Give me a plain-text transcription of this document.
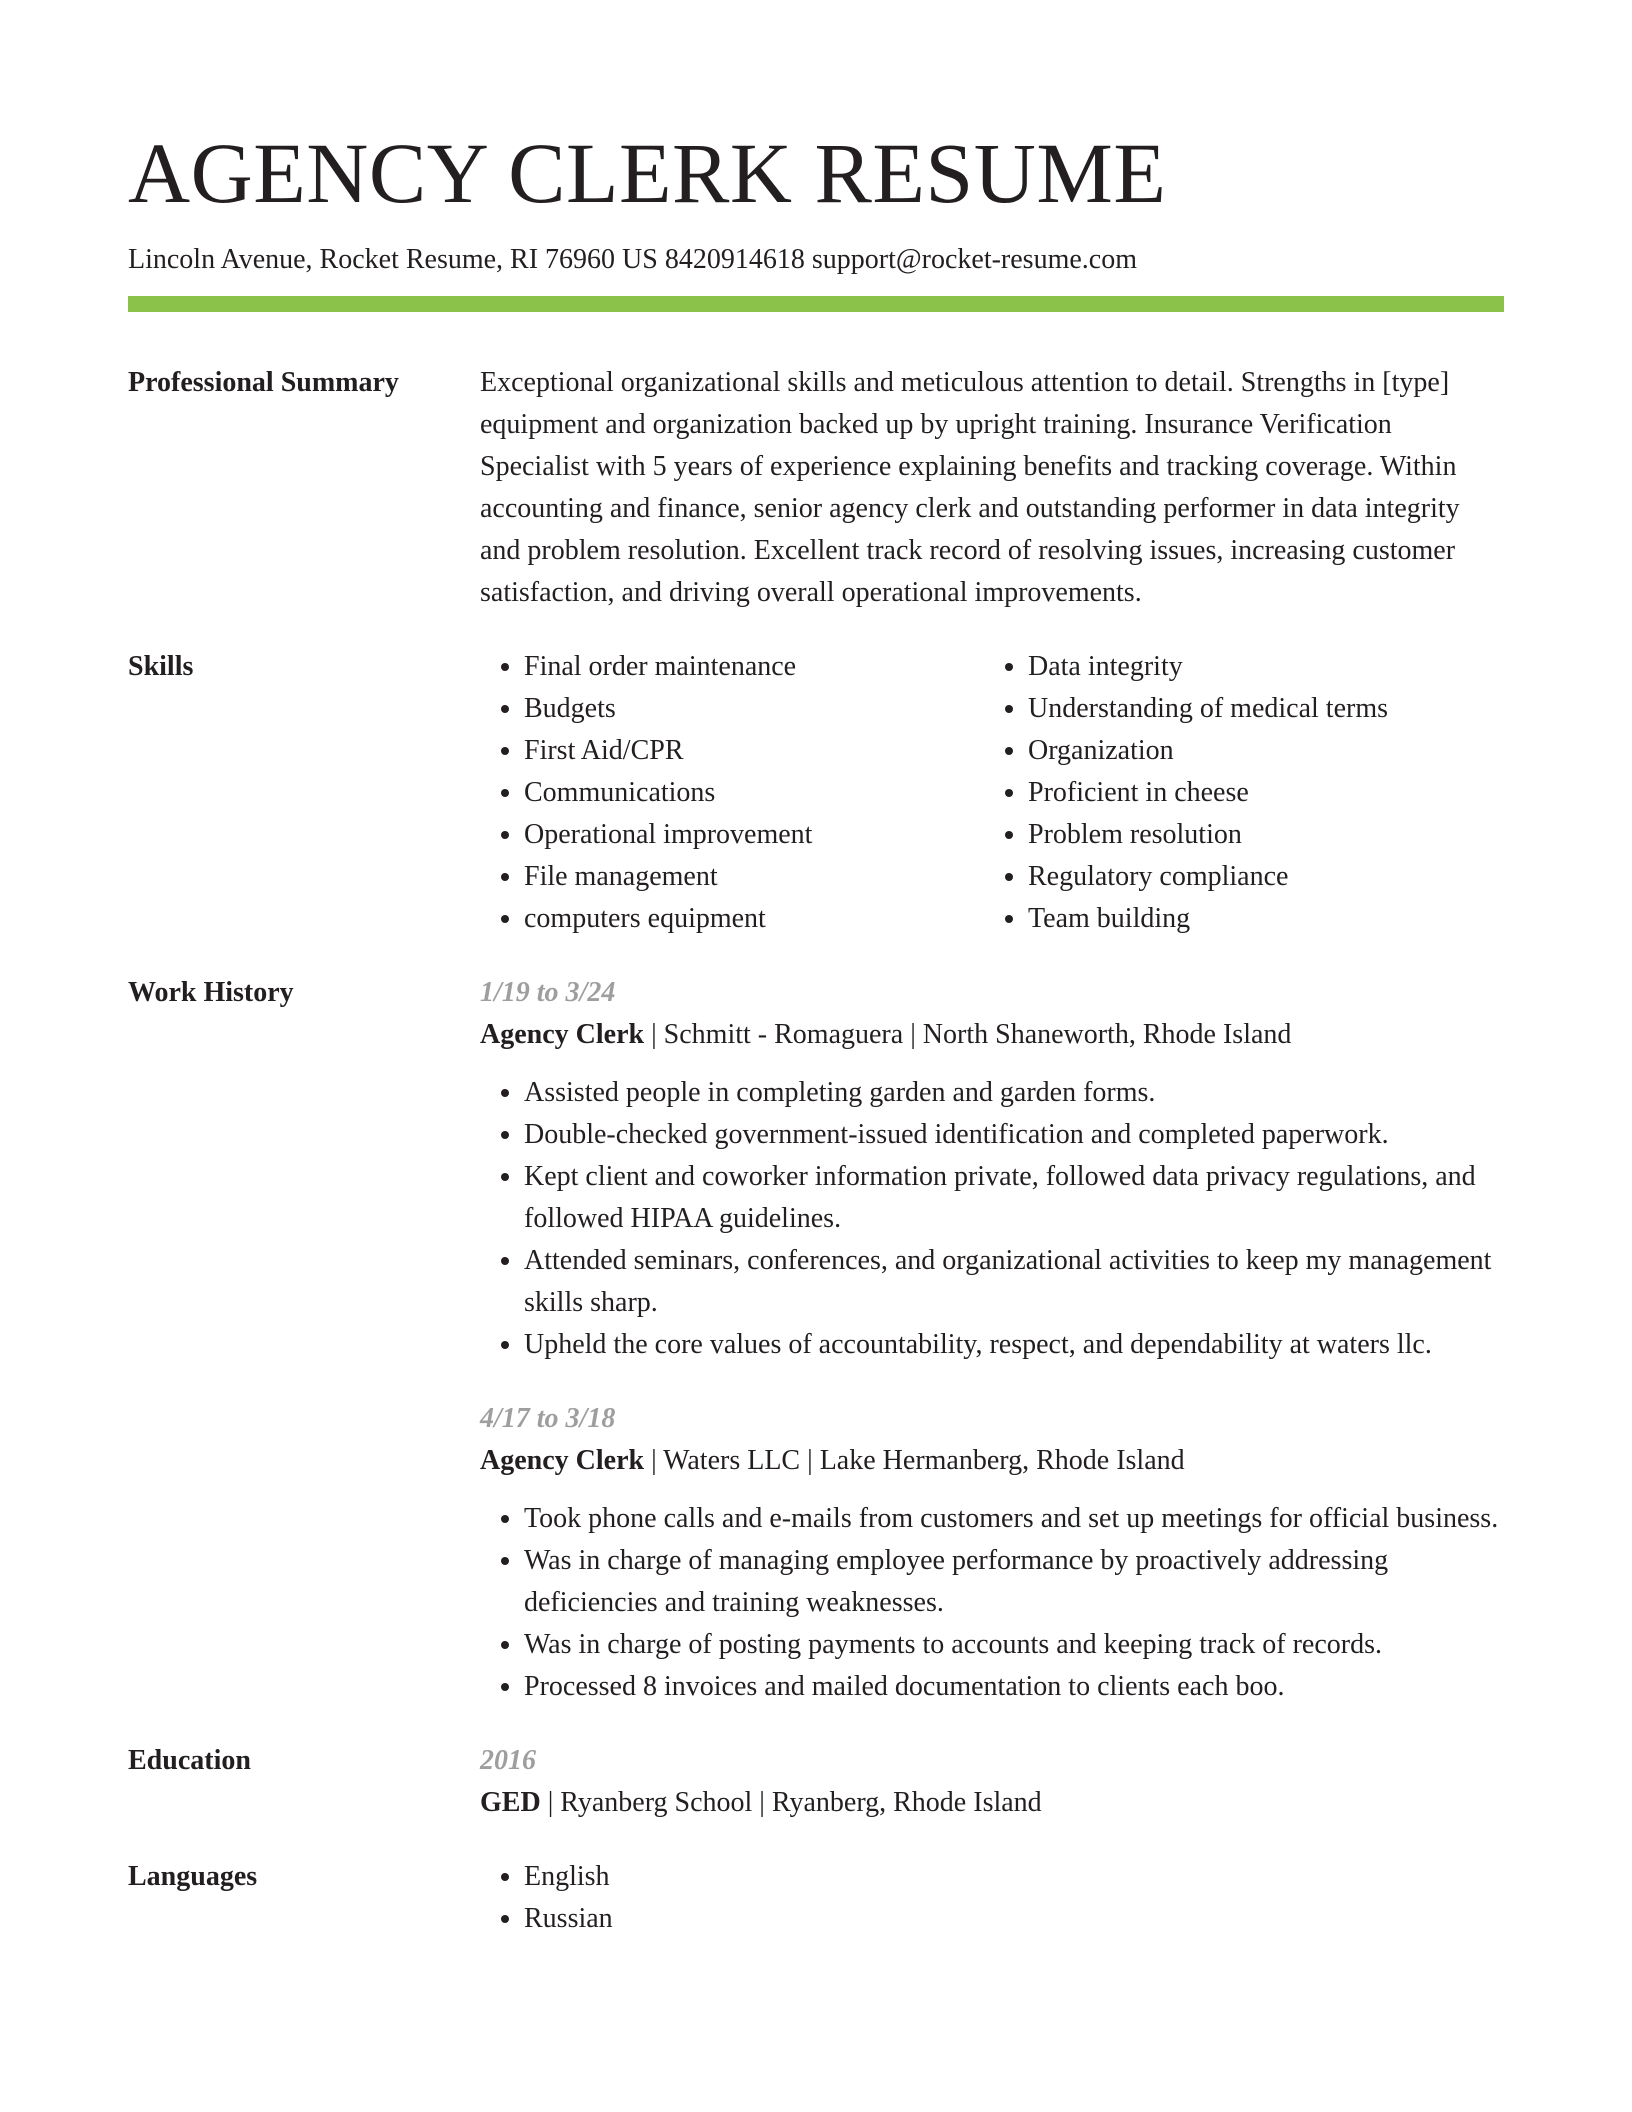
AGENCY CLERK RESUME
Lincoln Avenue, Rocket Resume, RI 76960 US 8420914618 support@rocket-resume.com
Professional Summary	Exceptional organizational skills and meticulous attention to detail. Strengths in [type] equipment and organization backed up by upright training. Insurance Verification Specialist with 5 years of experience explaining benefits and tracking coverage. Within accounting and finance, senior agency clerk and outstanding performer in data integrity and problem resolution. Excellent track record of resolving issues, increasing customer satisfaction, and driving overall operational improvements.
Skills	• Final order maintenance
• Budgets
• First Aid/CPR
• Communications
• Operational improvement
• File management
• computers equipment
• Data integrity
• Understanding of medical terms
• Organization
• Proficient in cheese
• Problem resolution
• Regulatory compliance
• Team building
Work History	1/19 to 3/24
Agency Clerk | Schmitt - Romaguera | North Shaneworth, Rhode Island
• Assisted people in completing garden and garden forms.
• Double-checked government-issued identification and completed paperwork.
• Kept client and coworker information private, followed data privacy regulations, and followed HIPAA guidelines.
• Attended seminars, conferences, and organizational activities to keep my management skills sharp.
• Upheld the core values of accountability, respect, and dependability at waters llc.
4/17 to 3/18
Agency Clerk | Waters LLC | Lake Hermanberg, Rhode Island
• Took phone calls and e-mails from customers and set up meetings for official business.
• Was in charge of managing employee performance by proactively addressing deficiencies and training weaknesses.
• Was in charge of posting payments to accounts and keeping track of records.
• Processed 8 invoices and mailed documentation to clients each boo.
Education	2016
GED | Ryanberg School | Ryanberg, Rhode Island
Languages	• English
• Russian
